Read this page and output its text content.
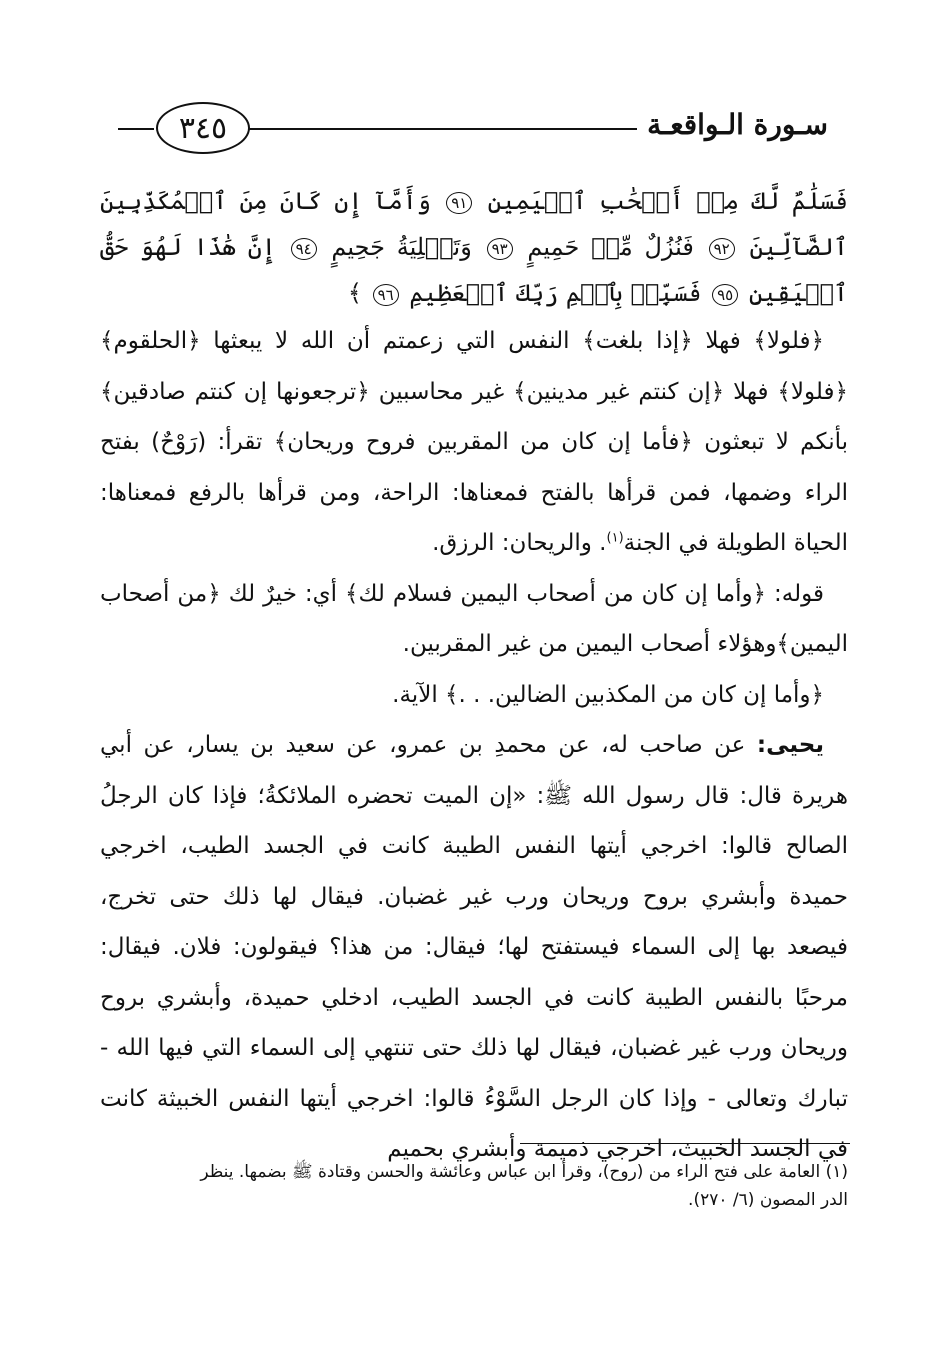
٣٤٥	سـورة الـواقعـة

فَسَلَٰمٌ لَّكَ مِنۡ أَصۡحَٰبِ ٱلۡيَمِينِ ٩١ وَأَمَّآ إِن كَانَ مِنَ ٱلۡمُكَذِّبِينَ ٱلضَّآلِّينَ ٩٢ فَنُزُلٌ مِّنۡ حَمِيمٍ ٩٣ وَتَصۡلِيَةُ جَحِيمٍ ٩٤ إِنَّ هَٰذَا لَهُوَ حَقُّ ٱلۡيَقِينِ ٩٥ فَسَبِّحۡ بِٱسۡمِ رَبِّكَ ٱلۡعَظِيمِ ٩٦ ﴾

﴿فلولا﴾ فهلا ﴿إذا بلغت﴾ النفس التي زعمتم أن الله لا يبعثها ﴿الحلقوم﴾ ﴿فلولا﴾ فهلا ﴿إن كنتم غير مدينين﴾ غير محاسبين ﴿ترجعونها إن كنتم صادقين﴾ بأنكم لا تبعثون ﴿فأما إن كان من المقربين فروح وريحان﴾ تقرأ: (رَوْحٌ) بفتح الراء وضمها، فمن قرأها بالفتح فمعناها: الراحة، ومن قرأها بالرفع فمعناها: الحياة الطويلة في الجنة$^{(١)}$. والريحان: الرزق.

قوله: ﴿وأما إن كان من أصحاب اليمين فسلام لك﴾ أي: خيرٌ لك ﴿من أصحاب اليمين﴾وهؤلاء أصحاب اليمين من غير المقربين.

﴿وأما إن كان من المكذبين الضالين. . .﴾ الآية.

يحيى: عن صاحب له، عن محمدِ بن عمرو، عن سعيد بن يسار، عن أبي هريرة قال: قال رسول الله ﷺ: «إن الميت تحضره الملائكةُ؛ فإذا كان الرجلُ الصالح قالوا: اخرجي أيتها النفس الطيبة كانت في الجسد الطيب، اخرجي حميدة وأبشري بروح وريحان ورب غير غضبان. فيقال لها ذلك حتى تخرج، فيصعد بها إلى السماء فيستفتح لها؛ فيقال: من هذا؟ فيقولون: فلان. فيقال: مرحبًا بالنفس الطيبة كانت في الجسد الطيب، ادخلي حميدة، وأبشري بروح وريحان ورب غير غضبان، فيقال لها ذلك حتى تنتهي إلى السماء التي فيها الله - تبارك وتعالى - وإذا كان الرجل السَّوْءُ قالوا: اخرجي أيتها النفس الخبيثة كانت في الجسد الخبيث، اخرجي ذميمة وأبشري بحميم

(١) العامة على فتح الراء من (روح)، وقرأ ابن عباس وعائشة والحسن وقتادة ﷺ بضمها. ينظر
الدر المصون (٦/ ٢٧٠).
